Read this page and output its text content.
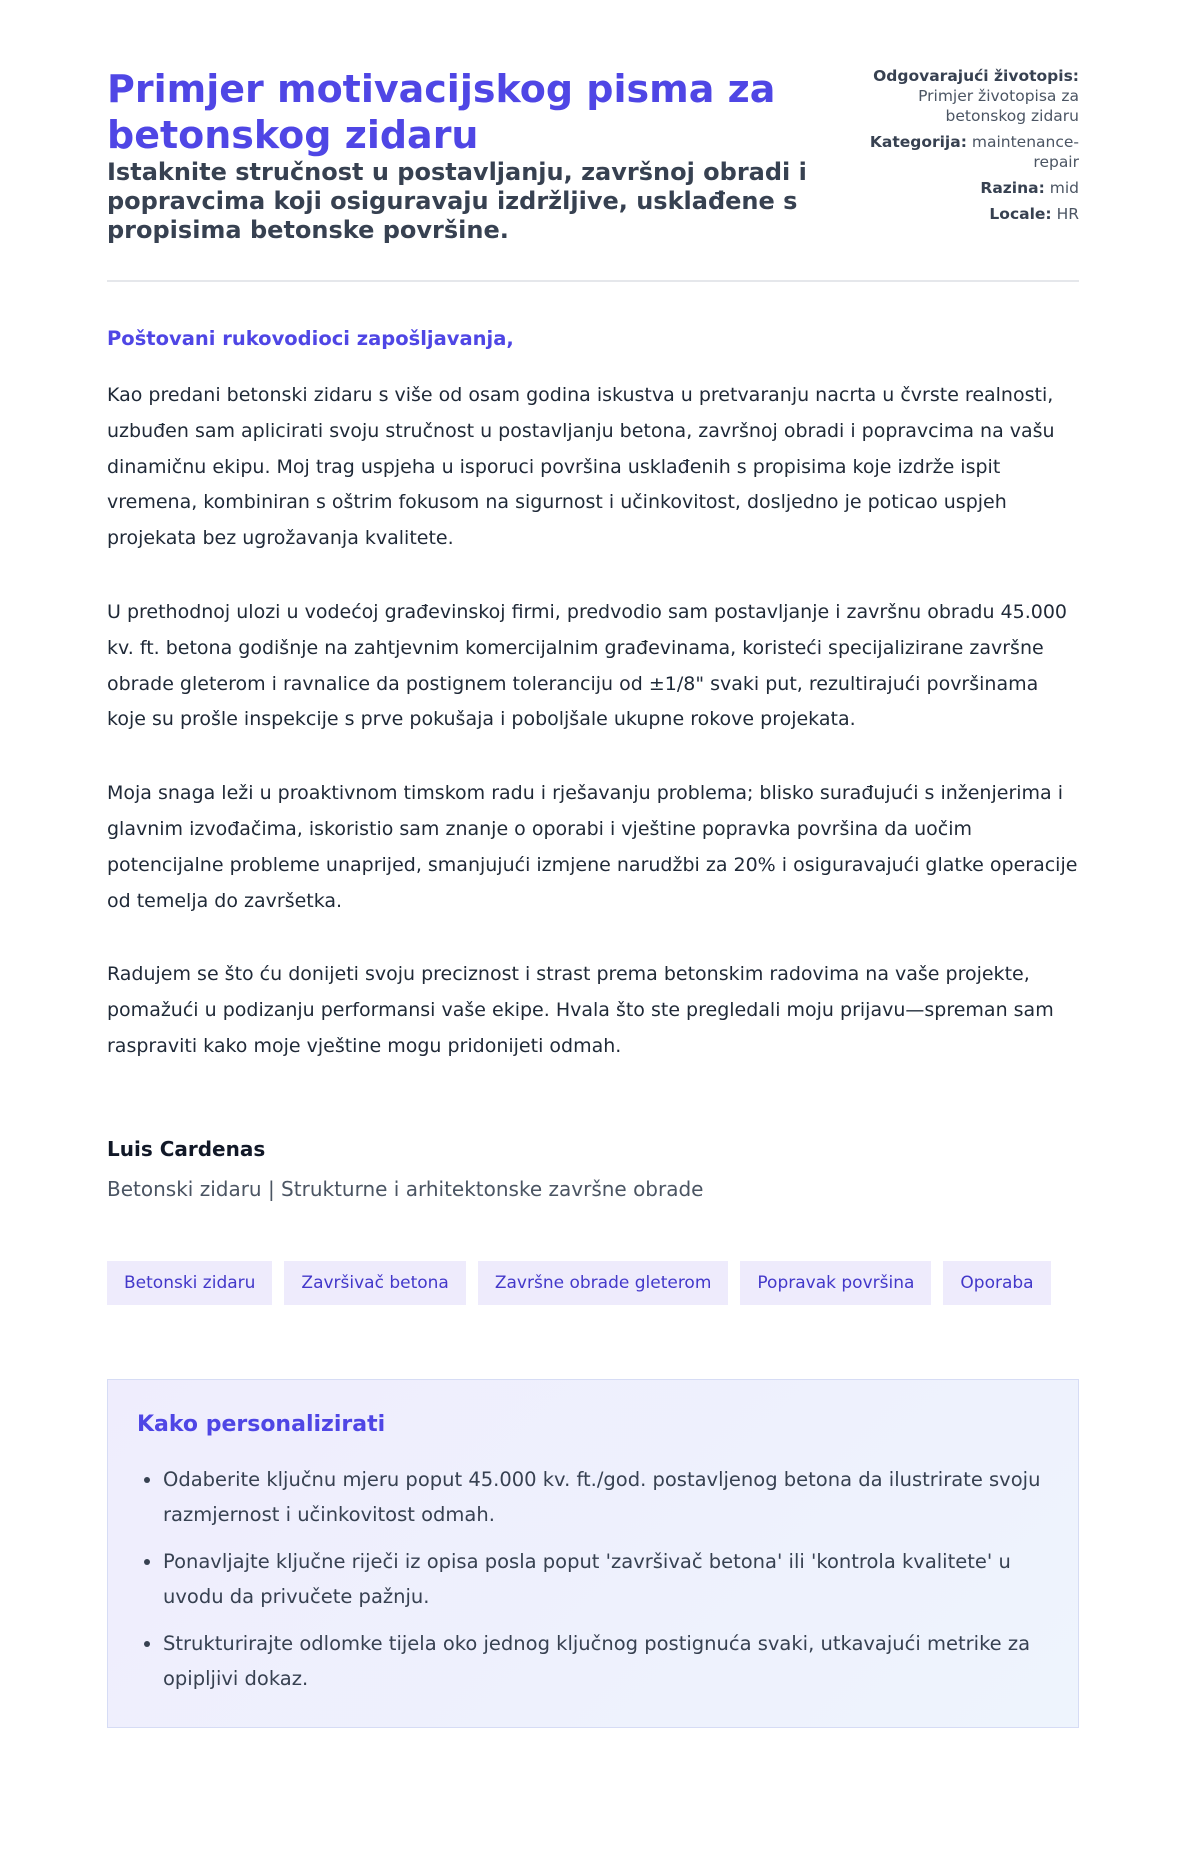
Primjer motivacijskog pisma za betonskog zidaru
Istaknite stručnost u postavljanju, završnoj obradi i popravcima koji osiguravaju izdržljive, usklađene s propisima betonske površine.

Odgovarajući životopis: Primjer životopisa za betonskog zidaru

Kategorija: maintenance-repair

Razina: mid

Locale: HR

Poštovani rukovodioci zapošljavanja,

Kao predani betonski zidaru s više od osam godina iskustva u pretvaranju nacrta u čvrste realnosti, uzbuđen sam aplicirati svoju stručnost u postavljanju betona, završnoj obradi i popravcima na vašu dinamičnu ekipu. Moj trag uspjeha u isporuci površina usklađenih s propisima koje izdrže ispit vremena, kombiniran s oštrim fokusom na sigurnost i učinkovitost, dosljedno je poticao uspjeh projekata bez ugrožavanja kvalitete.

U prethodnoj ulozi u vodećoj građevinskoj firmi, predvodio sam postavljanje i završnu obradu 45.000 kv. ft. betona godišnje na zahtjevnim komercijalnim građevinama, koristeći specijalizirane završne obrade gleterom i ravnalice da postignem toleranciju od ±1/8" svaki put, rezultirajući površinama koje su prošle inspekcije s prve pokušaja i poboljšale ukupne rokove projekata.

Moja snaga leži u proaktivnom timskom radu i rješavanju problema; blisko surađujući s inženjerima i glavnim izvođačima, iskoristio sam znanje o oporabi i vještine popravka površina da uočim potencijalne probleme unaprijed, smanjujući izmjene narudžbi za 20% i osiguravajući glatke operacije od temelja do završetka.

Radujem se što ću donijeti svoju preciznost i strast prema betonskim radovima na vaše projekte, pomažući u podizanju performansi vaše ekipe. Hvala što ste pregledali moju prijavu—spreman sam raspraviti kako moje vještine mogu pridonijeti odmah.

Luis Cardenas
Betonski zidaru | Strukturne i arhitektonske završne obrade
Betonski zidaru	Završivač betona	Završne obrade gleterom	Popravak površina	Oporaba
Kako personalizirati
• Odaberite ključnu mjeru poput 45.000 kv. ft./god. postavljenog betona da ilustrirate svoju razmjernost i učinkovitost odmah.
• Ponavljajte ključne riječi iz opisa posla poput 'završivač betona' ili 'kontrola kvalitete' u uvodu da privučete pažnju.
• Strukturirajte odlomke tijela oko jednog ključnog postignuća svaki, utkavajući metrike za opipljivi dokaz.
